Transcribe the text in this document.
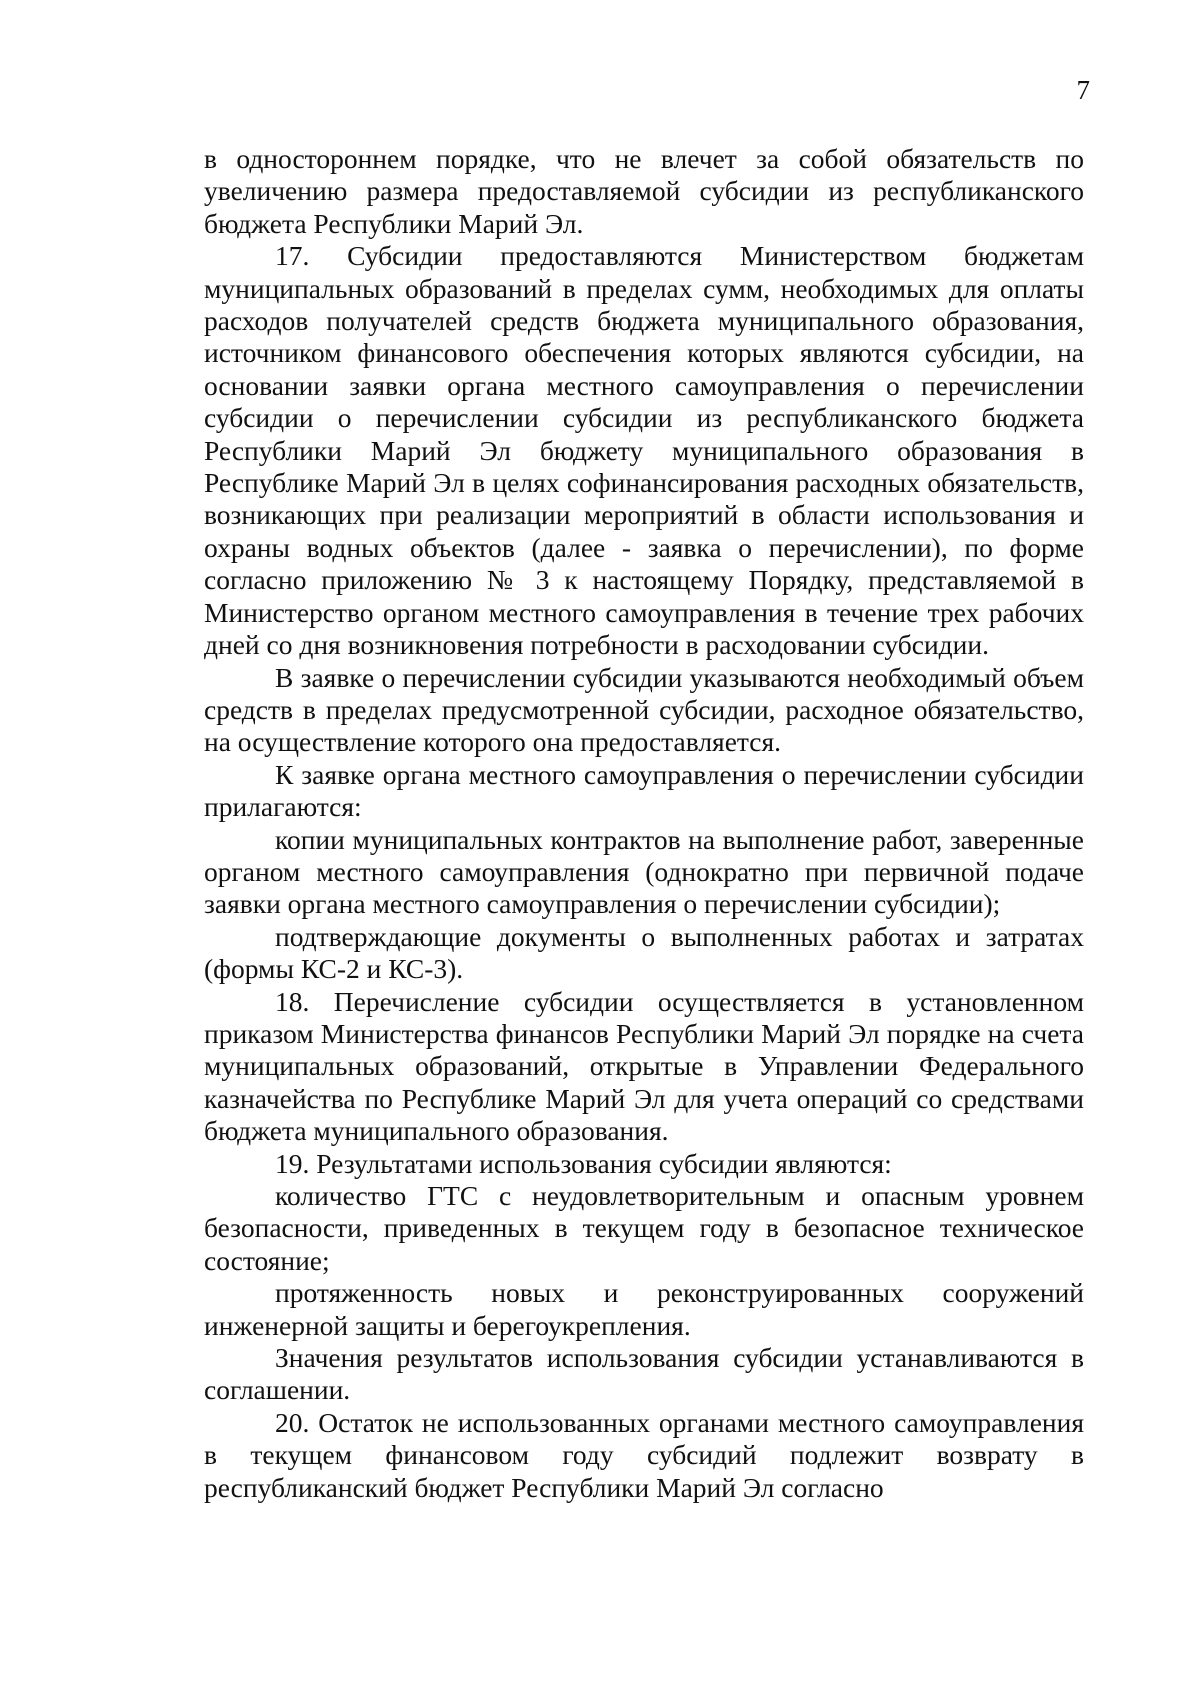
7

в одностороннем порядке, что не влечет за собой обязательств по увеличению размера предоставляемой субсидии из республиканского бюджета Республики Марий Эл.

17. Субсидии предоставляются Министерством бюджетам муниципальных образований в пределах сумм, необходимых для оплаты расходов получателей средств бюджета муниципального образования, источником финансового обеспечения которых являются субсидии, на основании заявки органа местного самоуправления о перечислении субсидии о перечислении субсидии из республиканского бюджета Республики Марий Эл бюджету муниципального образования в Республике Марий Эл в целях софинансирования расходных обязательств, возникающих при реализации мероприятий в области использования и охраны водных объектов (далее - заявка о перечислении), по форме согласно приложению № 3 к настоящему Порядку, представляемой в Министерство органом местного самоуправления в течение трех рабочих дней со дня возникновения потребности в расходовании субсидии.

В заявке о перечислении субсидии указываются необходимый объем средств в пределах предусмотренной субсидии, расходное обязательство, на осуществление которого она предоставляется.

К заявке органа местного самоуправления о перечислении субсидии прилагаются:

копии муниципальных контрактов на выполнение работ, заверенные органом местного самоуправления (однократно при первичной подаче заявки органа местного самоуправления о перечислении субсидии);

подтверждающие документы о выполненных работах и затратах (формы КС-2 и КС-3).

18. Перечисление субсидии осуществляется в установленном приказом Министерства финансов Республики Марий Эл порядке на счета муниципальных образований, открытые в Управлении Федерального казначейства по Республике Марий Эл для учета операций со средствами бюджета муниципального образования.

19. Результатами использования субсидии являются:

количество ГТС с неудовлетворительным и опасным уровнем безопасности, приведенных в текущем году в безопасное техническое состояние;

протяженность новых и реконструированных сооружений инженерной защиты и берегоукрепления.

Значения результатов использования субсидии устанавливаются в соглашении.

20. Остаток не использованных органами местного самоуправления в текущем финансовом году субсидий подлежит возврату в республиканский бюджет Республики Марий Эл согласно
